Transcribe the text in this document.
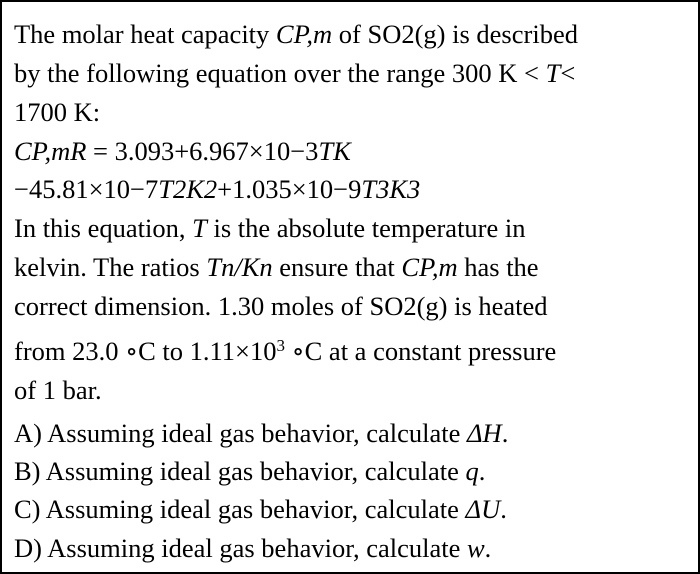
The molar heat capacity CP,m of SO2(g) is described
by the following equation over the range 300 K < T<
1700 K:
CP,mR = 3.093+6.967×10−3TK
−45.81×10−7T2K2+1.035×10−9T3K3
In this equation, T is the absolute temperature in
kelvin. The ratios Tn/Kn ensure that CP,m has the
correct dimension. 1.30 moles of SO2(g) is heated
from 23.0 ∘C to $1.11\times 10^3$ ∘C at a constant pressure
of 1 bar.
A) Assuming ideal gas behavior, calculate ΔH.
B) Assuming ideal gas behavior, calculate q.
C) Assuming ideal gas behavior, calculate ΔU.
D) Assuming ideal gas behavior, calculate w.
